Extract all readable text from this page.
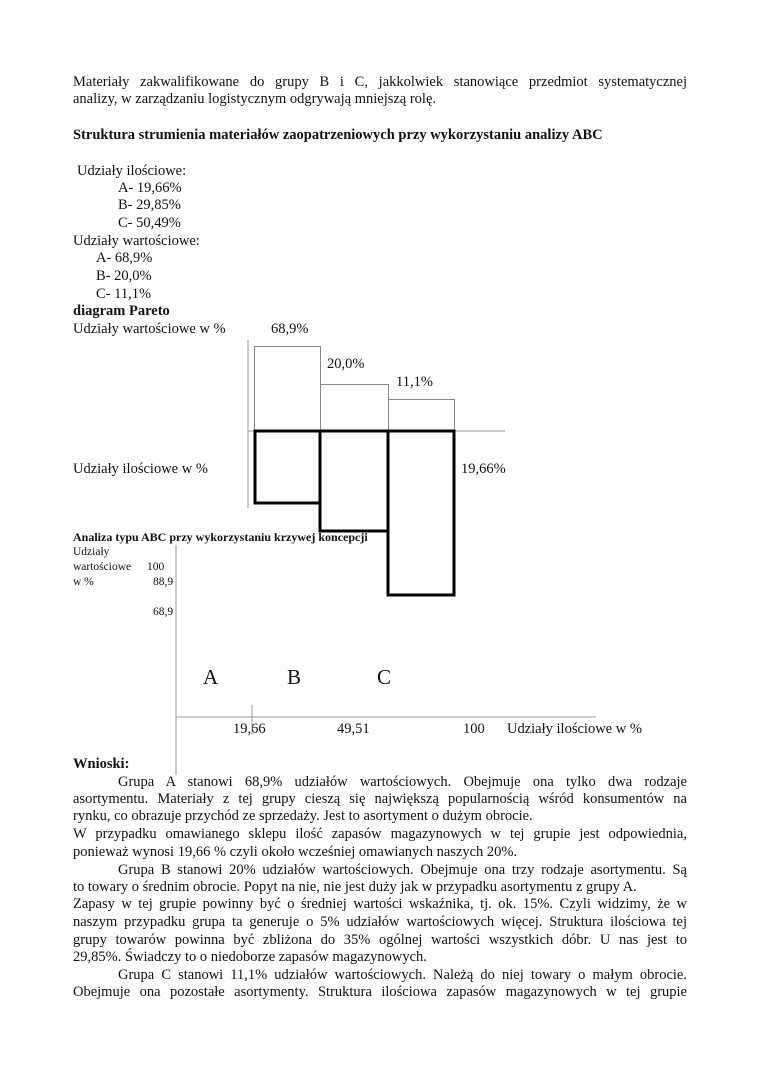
Materiały zakwalifikowane do grupy B i C, jakkolwiek stanowiące przedmiot systematycznej
analizy, w zarządzaniu logistycznym odgrywają mniejszą rolę.
Struktura strumienia materiałów zaopatrzeniowych przy wykorzystaniu analizy ABC
Udziały ilościowe:
A- 19,66%
B- 29,85%
C- 50,49%
Udziały wartościowe:
A- 68,9%
B- 20,0%
C- 11,1%
diagram Pareto
Udziały wartościowe w %	68,9%
20,0%
11,1%
Udziały ilościowe w %	19,66%
Analiza typu ABC przy wykorzystaniu krzywej koncepcji
Udziały
wartościowe
w %
100
88,9
68,9
A	B	C
19,66	49,51	100 Udziały ilościowe w %
Wnioski:
Grupa A stanowi 68,9% udziałów wartościowych. Obejmuje ona tylko dwa rodzaje
asortymentu. Materiały z tej grupy cieszą się największą popularnością wśród konsumentów na
rynku, co obrazuje przychód ze sprzedaży. Jest to asortyment o dużym obrocie.
W przypadku omawianego sklepu ilość zapasów magazynowych w tej grupie jest odpowiednia,
ponieważ wynosi 19,66 % czyli około wcześniej omawianych naszych 20%.
Grupa B stanowi 20% udziałów wartościowych. Obejmuje ona trzy rodzaje asortymentu. Są
to towary o średnim obrocie. Popyt na nie, nie jest duży jak w przypadku asortymentu z grupy A.
Zapasy w tej grupie powinny być o średniej wartości wskaźnika, tj. ok. 15%. Czyli widzimy, że w
naszym przypadku grupa ta generuje o 5% udziałów wartościowych więcej. Struktura ilościowa tej
grupy towarów powinna być zbliżona do 35% ogólnej wartości wszystkich dóbr. U nas jest to
29,85%. Świadczy to o niedoborze zapasów magazynowych.
Grupa C stanowi 11,1% udziałów wartościowych. Należą do niej towary o małym obrocie.
Obejmuje ona pozostałe asortymenty. Struktura ilościowa zapasów magazynowych w tej grupie
